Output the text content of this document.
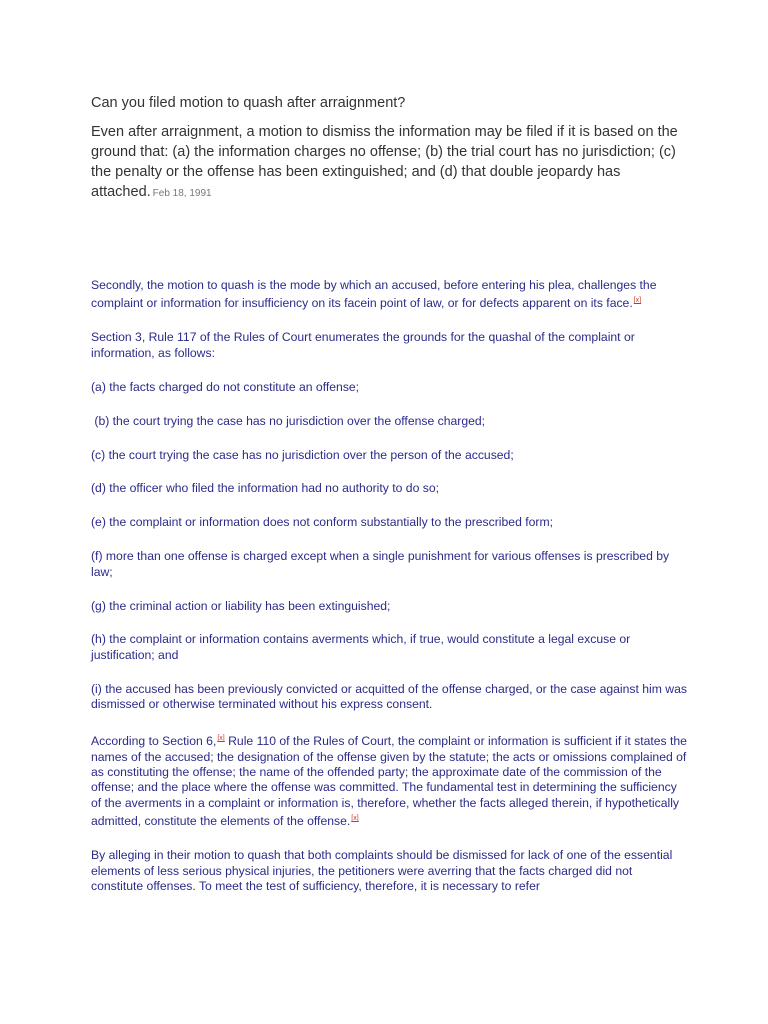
Can you filed motion to quash after arraignment?

Even after arraignment, a motion to dismiss the information may be filed if it is based on the ground that: (a) the information charges no offense; (b) the trial court has no jurisdiction; (c) the penalty or the offense has been extinguished; and (d) that double jeopardy has attached. Feb 18, 1991

Secondly, the motion to quash is the mode by which an accused, before entering his plea, challenges the complaint or information for insufficiency on its facein point of law, or for defects apparent on its face.[x]

Section 3, Rule 117 of the Rules of Court enumerates the grounds for the quashal of the complaint or information, as follows:

(a) the facts charged do not constitute an offense;

(b) the court trying the case has no jurisdiction over the offense charged;

(c) the court trying the case has no jurisdiction over the person of the accused;

(d) the officer who filed the information had no authority to do so;

(e) the complaint or information does not conform substantially to the prescribed form;

(f) more than one offense is charged except when a single punishment for various offenses is prescribed by law;

(g) the criminal action or liability has been extinguished;

(h) the complaint or information contains averments which, if true, would constitute a legal excuse or justification; and

(i) the accused has been previously convicted or acquitted of the offense charged, or the case against him was dismissed or otherwise terminated without his express consent.

According to Section 6,[x] Rule 110 of the Rules of Court, the complaint or information is sufficient if it states the names of the accused; the designation of the offense given by the statute; the acts or omissions complained of as constituting the offense; the name of the offended party; the approximate date of the commission of the offense; and the place where the offense was committed. The fundamental test in determining the sufficiency of the averments in a complaint or information is, therefore, whether the facts alleged therein, if hypothetically admitted, constitute the elements of the offense.[x]

By alleging in their motion to quash that both complaints should be dismissed for lack of one of the essential elements of less serious physical injuries, the petitioners were averring that the facts charged did not constitute offenses. To meet the test of sufficiency, therefore, it is necessary to refer
